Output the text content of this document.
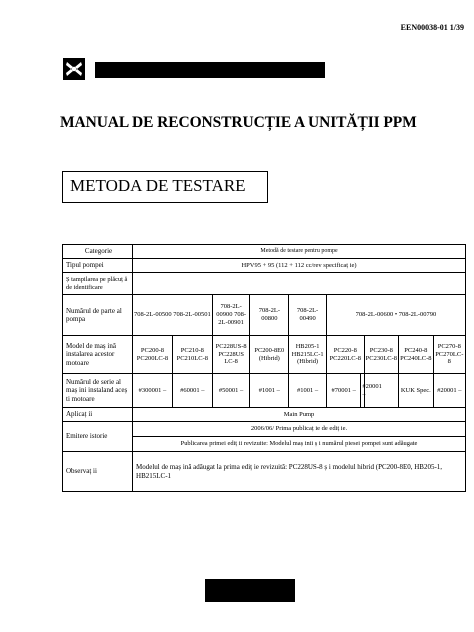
EEN00038-01 1/39
MANUAL DE RECONSTRUCȚIE A UNITĂȚII PPM
METODA DE TESTARE
Categorie	Metodă de testare pentru pompe									
Tipul pompei	HPV95 + 95 (112 + 112 cc/rev specificaț ie)									
Ș tampilarea pe plăcuț ă de identificare										
Numărul de parte al pompa	708-2L-00500 708-2L-00501		708-2L-00900 708-2L-00901	708-2L-00800	708-2L-00490	708-2L-00600 • 708-2L-00790				
Model de maș ină instalarea acestor motoare	PC200-8 PC200LC-8	PC210-8 PC210LC-8	PC228US-8 PC228US LC-8	PC200-8E0 (Hibrid)	HB205-1 HB215LC-1 (Hibrid)	PC220-8 PC220LC-8		PC230-8 PC230LC-8	PC240-8 PC240LC-8	PC270-8 PC270LC-8
Numărul de serie al maș ini instaland aceș ti motoare	#300001 –	#60001 –	#50001 –	#1001 –	#1001 –	#70001 –	#20001 –		KUK Spec.	#20001 –
Aplicaț ii	Main Pump									
Emitere istorie	2006/06/ Prima publicaț ie de ediț ie.									
	Publicarea primei ediț ii revizuite: Modelul maș inii ș i numărul piesei pompei sunt adăugate									
Observaț ii	Modelul de maș ină adăugat la prima ediț ie revizuită: PC228US-8 ș i modelul hibrid (PC200-8E0, HB205-1, HB215LC-1									
